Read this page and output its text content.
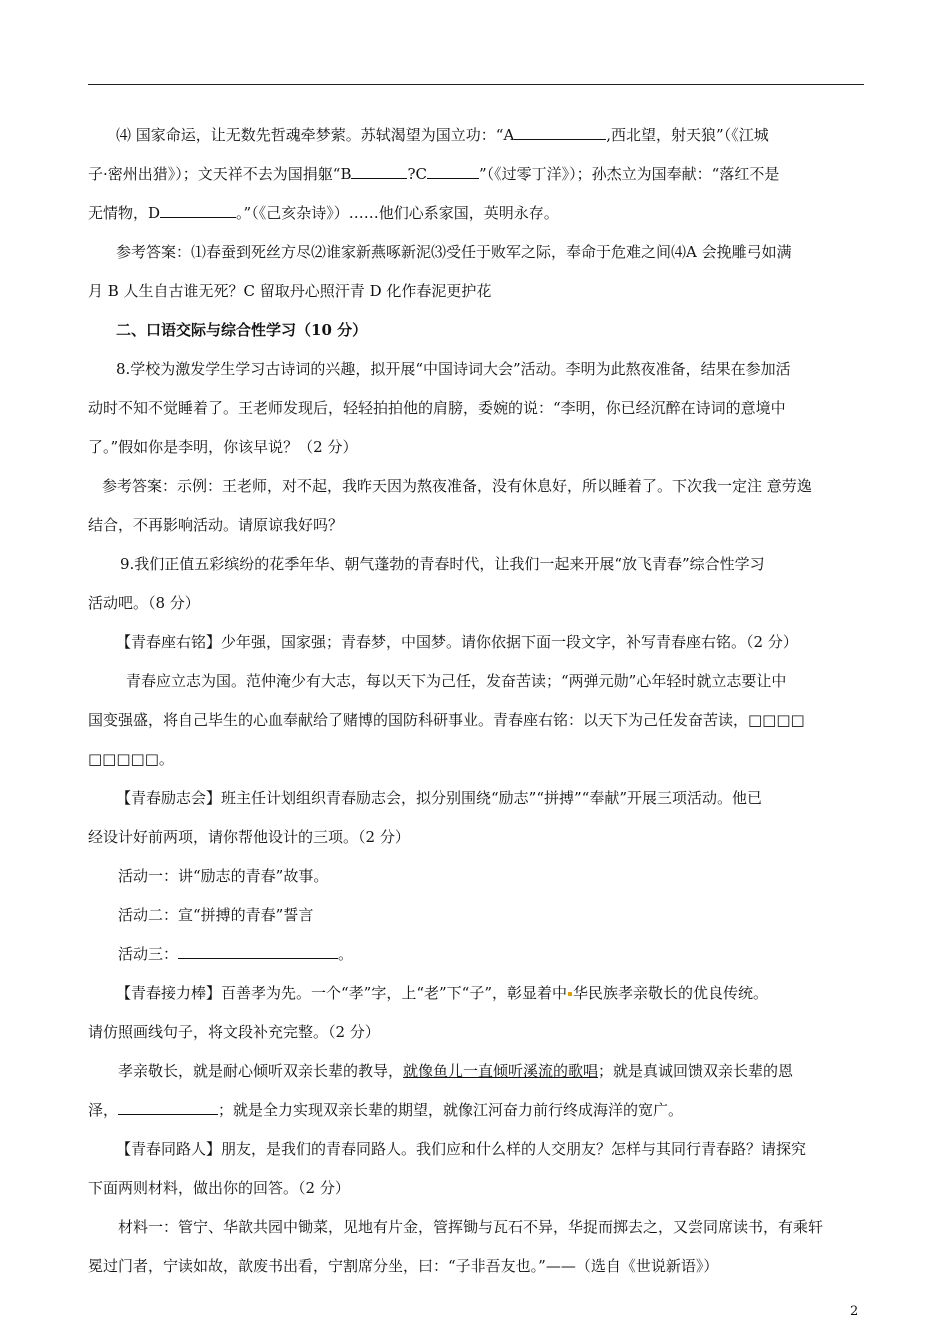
⑷ 国家命运，让无数先哲魂牵梦萦。苏轼渴望为国立功：“A	,西北望，射天狼”（《江城
子·密州出猎》）；文天祥不去为国捐躯“B	?C	”（《过零丁洋》）；孙杰立为国奉献：“落红不是
无情物，D	。”（《己亥杂诗》）……他们心系家国，英明永存。
参考答案：⑴春蚕到死丝方尽⑵谁家新燕啄新泥⑶受任于败军之际，奉命于危难之间⑷A 会挽雕弓如满
月 B 人生自古谁无死？C 留取丹心照汗青 D 化作春泥更护花
二、口语交际与综合性学习（10 分）
8.学校为激发学生学习古诗词的兴趣，拟开展“中国诗词大会”活动。李明为此熬夜准备，结果在参加活
动时不知不觉睡着了。王老师发现后，轻轻拍拍他的肩膀，委婉的说：“李明，你已经沉醉在诗词的意境中
了。”假如你是李明，你该早说？（2 分）
参考答案：示例：王老师，对不起，我昨天因为熬夜准备，没有休息好，所以睡着了。下次我一定注 意劳逸
结合，不再影响活动。请原谅我好吗？
9.我们正值五彩缤纷的花季年华、朝气蓬勃的青春时代，让我们一起来开展“放飞青春”综合性学习
活动吧。（8 分）
【青春座右铭】少年强，国家强；青春梦，中国梦。请你依据下面一段文字，补写青春座右铭。（2 分）
青春应立志为国。范仲淹少有大志，每以天下为己任，发奋苦读；“两弹元勋”心年轻时就立志要让中
国变强盛，将自己毕生的心血奉献给了赌博的国防科研事业。青春座右铭：以天下为己任发奋苦读，□□□□
□□□□□。
【青春励志会】班主任计划组织青春励志会，拟分别围绕“励志”“拼搏”“奉献”开展三项活动。他已
经设计好前两项，请你帮他设计的三项。（2 分）
活动一：讲“励志的青春”故事。
活动二：宣“拼搏的青春”誓言
活动三：	。
【青春接力棒】百善孝为先。一个“孝”字，上“老”下“子”，彰显着中 华民族孝亲敬长的优良传统。
请仿照画线句子，将文段补充完整。（2 分）
孝亲敬长，就是耐心倾听双亲长辈的教导，就像鱼儿一直倾听溪流的歌唱；就是真诚回馈双亲长辈的恩
泽，	；就是全力实现双亲长辈的期望，就像江河奋力前行终成海洋的宽广。
【青春同路人】朋友，是我们的青春同路人。我们应和什么样的人交朋友？怎样与其同行青春路？请探究
2
下面两则材料，做出你的回答。（2 分）
材料一：管宁、华歆共园中锄菜，见地有片金，管挥锄与瓦石不异，华捉而掷去之，又尝同席读书，有乘轩
冕过门者，宁读如故，歆废书出看，宁割席分坐，曰：“子非吾友也。”——（选自《世说新语》）
